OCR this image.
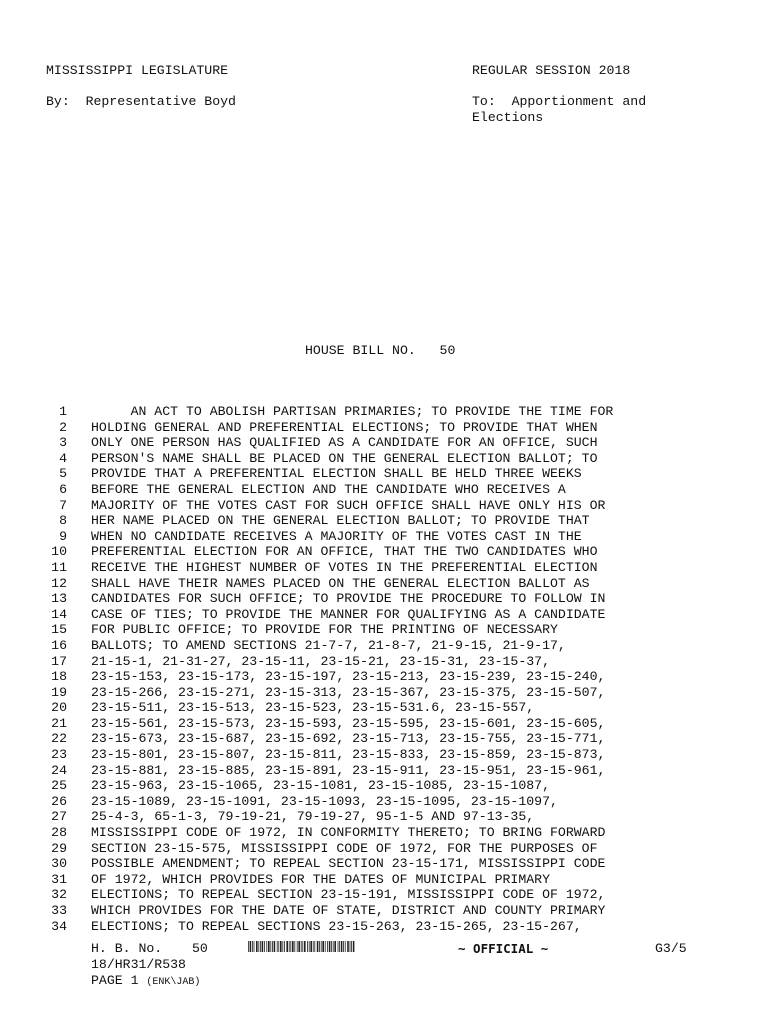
MISSISSIPPI LEGISLATURE	REGULAR SESSION 2018
By:  Representative Boyd	To:  Apportionment and
Elections
HOUSE BILL NO.   50
1 AN ACT TO ABOLISH PARTISAN PRIMARIES; TO PROVIDE THE TIME FOR
2 HOLDING GENERAL AND PREFERENTIAL ELECTIONS; TO PROVIDE THAT WHEN
3 ONLY ONE PERSON HAS QUALIFIED AS A CANDIDATE FOR AN OFFICE, SUCH
4 PERSON'S NAME SHALL BE PLACED ON THE GENERAL ELECTION BALLOT; TO
5 PROVIDE THAT A PREFERENTIAL ELECTION SHALL BE HELD THREE WEEKS
6 BEFORE THE GENERAL ELECTION AND THE CANDIDATE WHO RECEIVES A
7 MAJORITY OF THE VOTES CAST FOR SUCH OFFICE SHALL HAVE ONLY HIS OR
8 HER NAME PLACED ON THE GENERAL ELECTION BALLOT; TO PROVIDE THAT
9 WHEN NO CANDIDATE RECEIVES A MAJORITY OF THE VOTES CAST IN THE
10 PREFERENTIAL ELECTION FOR AN OFFICE, THAT THE TWO CANDIDATES WHO
11 RECEIVE THE HIGHEST NUMBER OF VOTES IN THE PREFERENTIAL ELECTION
12 SHALL HAVE THEIR NAMES PLACED ON THE GENERAL ELECTION BALLOT AS
13 CANDIDATES FOR SUCH OFFICE; TO PROVIDE THE PROCEDURE TO FOLLOW IN
14 CASE OF TIES; TO PROVIDE THE MANNER FOR QUALIFYING AS A CANDIDATE
15 FOR PUBLIC OFFICE; TO PROVIDE FOR THE PRINTING OF NECESSARY
16 BALLOTS; TO AMEND SECTIONS 21-7-7, 21-8-7, 21-9-15, 21-9-17,
17 21-15-1, 21-31-27, 23-15-11, 23-15-21, 23-15-31, 23-15-37,
18 23-15-153, 23-15-173, 23-15-197, 23-15-213, 23-15-239, 23-15-240,
19 23-15-266, 23-15-271, 23-15-313, 23-15-367, 23-15-375, 23-15-507,
20 23-15-511, 23-15-513, 23-15-523, 23-15-531.6, 23-15-557,
21 23-15-561, 23-15-573, 23-15-593, 23-15-595, 23-15-601, 23-15-605,
22 23-15-673, 23-15-687, 23-15-692, 23-15-713, 23-15-755, 23-15-771,
23 23-15-801, 23-15-807, 23-15-811, 23-15-833, 23-15-859, 23-15-873,
24 23-15-881, 23-15-885, 23-15-891, 23-15-911, 23-15-951, 23-15-961,
25 23-15-963, 23-15-1065, 23-15-1081, 23-15-1085, 23-15-1087,
26 23-15-1089, 23-15-1091, 23-15-1093, 23-15-1095, 23-15-1097,
27 25-4-3, 65-1-3, 79-19-21, 79-19-27, 95-1-5 AND 97-13-35,
28 MISSISSIPPI CODE OF 1972, IN CONFORMITY THERETO; TO BRING FORWARD
29 SECTION 23-15-575, MISSISSIPPI CODE OF 1972, FOR THE PURPOSES OF
30 POSSIBLE AMENDMENT; TO REPEAL SECTION 23-15-171, MISSISSIPPI CODE
31 OF 1972, WHICH PROVIDES FOR THE DATES OF MUNICIPAL PRIMARY
32 ELECTIONS; TO REPEAL SECTION 23-15-191, MISSISSIPPI CODE OF 1972,
33 WHICH PROVIDES FOR THE DATE OF STATE, DISTRICT AND COUNTY PRIMARY
34 ELECTIONS; TO REPEAL SECTIONS 23-15-263, 23-15-265, 23-15-267,
H. B. No. 50	~ OFFICIAL ~	G3/5
18/HR31/R538
PAGE 1 (ENK\JAB)
